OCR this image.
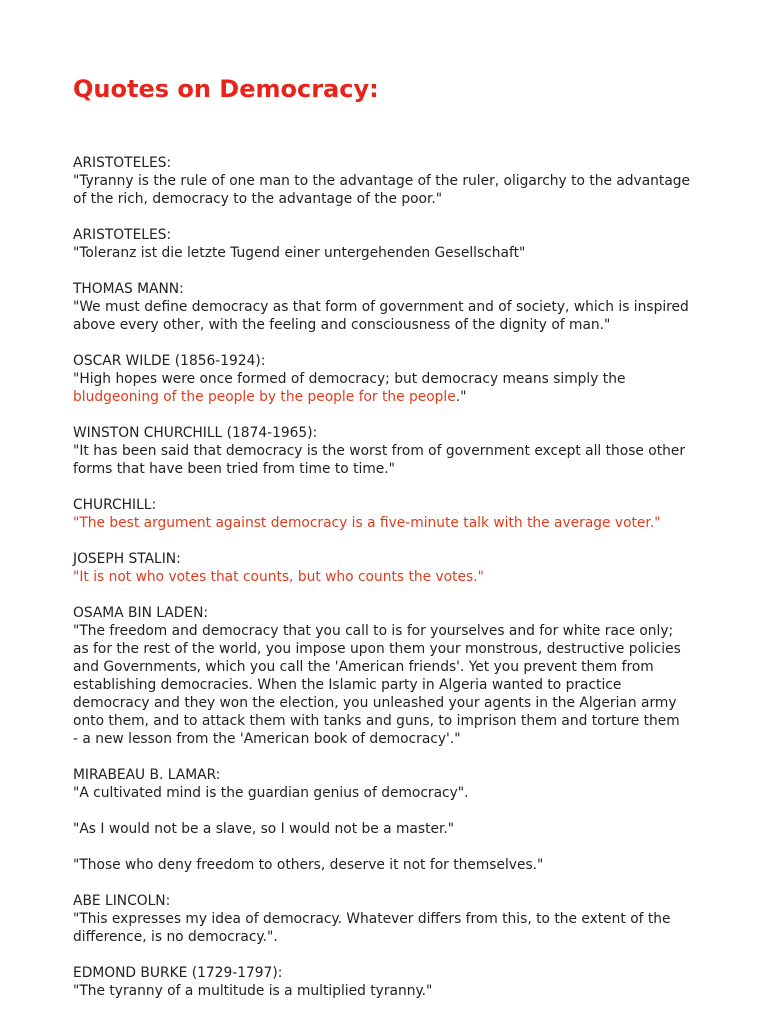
Quotes on Democracy:

ARISTOTELES:

"Tyranny is the rule of one man to the advantage of the ruler, oligarchy to the advantage
of the rich, democracy to the advantage of the poor."

ARISTOTELES:

"Toleranz ist die letzte Tugend einer untergehenden Gesellschaft"

THOMAS MANN:

"We must define democracy as that form of government and of society, which is inspired
above every other, with the feeling and consciousness of the dignity of man."

OSCAR WILDE (1856-1924):

"High hopes were once formed of democracy; but democracy means simply the
bludgeoning of the people by the people for the people."

WINSTON CHURCHILL (1874-1965):

"It has been said that democracy is the worst from of government except all those other
forms that have been tried from time to time."

CHURCHILL:

"The best argument against democracy is a five-minute talk with the average voter."

JOSEPH STALIN:

"It is not who votes that counts, but who counts the votes."

OSAMA BIN LADEN:

"The freedom and democracy that you call to is for yourselves and for white race only;
as for the rest of the world, you impose upon them your monstrous, destructive policies
and Governments, which you call the 'American friends'. Yet you prevent them from
establishing democracies. When the Islamic party in Algeria wanted to practice
democracy and they won the election, you unleashed your agents in the Algerian army
onto them, and to attack them with tanks and guns, to imprison them and torture them
- a new lesson from the 'American book of democracy'."

MIRABEAU B. LAMAR:

"A cultivated mind is the guardian genius of democracy".
"As I would not be a slave, so I would not be a master."
"Those who deny freedom to others, deserve it not for themselves."

ABE LINCOLN:

"This expresses my idea of democracy. Whatever differs from this, to the extent of the
difference, is no democracy.".

EDMOND BURKE (1729-1797):

"The tyranny of a multitude is a multiplied tyranny."
